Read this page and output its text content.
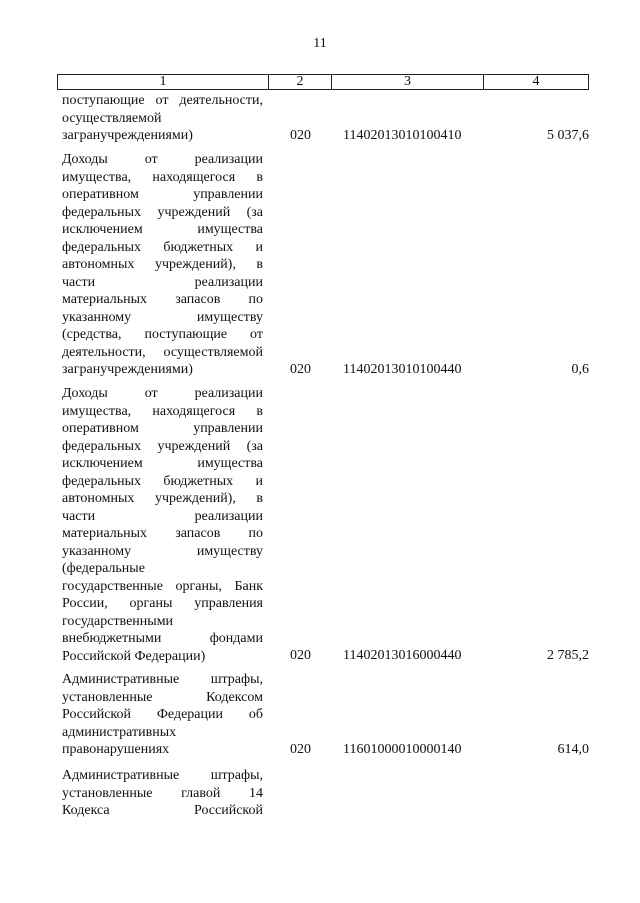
11
1	2	3	4
поступающие от деятельности,
осуществляемой
загранучреждениями)	020	11402013010100410	5 037,6
Доходы от реализации
имущества, находящегося в
оперативном управлении
федеральных учреждений (за
исключением имущества
федеральных бюджетных и
автономных учреждений), в
части реализации
материальных запасов по
указанному имуществу
(средства, поступающие от
деятельности, осуществляемой
загранучреждениями)	020	11402013010100440	0,6
Доходы от реализации
имущества, находящегося в
оперативном управлении
федеральных учреждений (за
исключением имущества
федеральных бюджетных и
автономных учреждений), в
части реализации
материальных запасов по
указанному имуществу
(федеральные
государственные органы, Банк
России, органы управления
государственными
внебюджетными фондами
Российской Федерации)	020	11402013016000440	2 785,2
Административные штрафы,
установленные Кодексом
Российской Федерации об
административных
правонарушениях	020	11601000010000140	614,0
Административные штрафы,
установленные главой 14
Кодекса Российской
